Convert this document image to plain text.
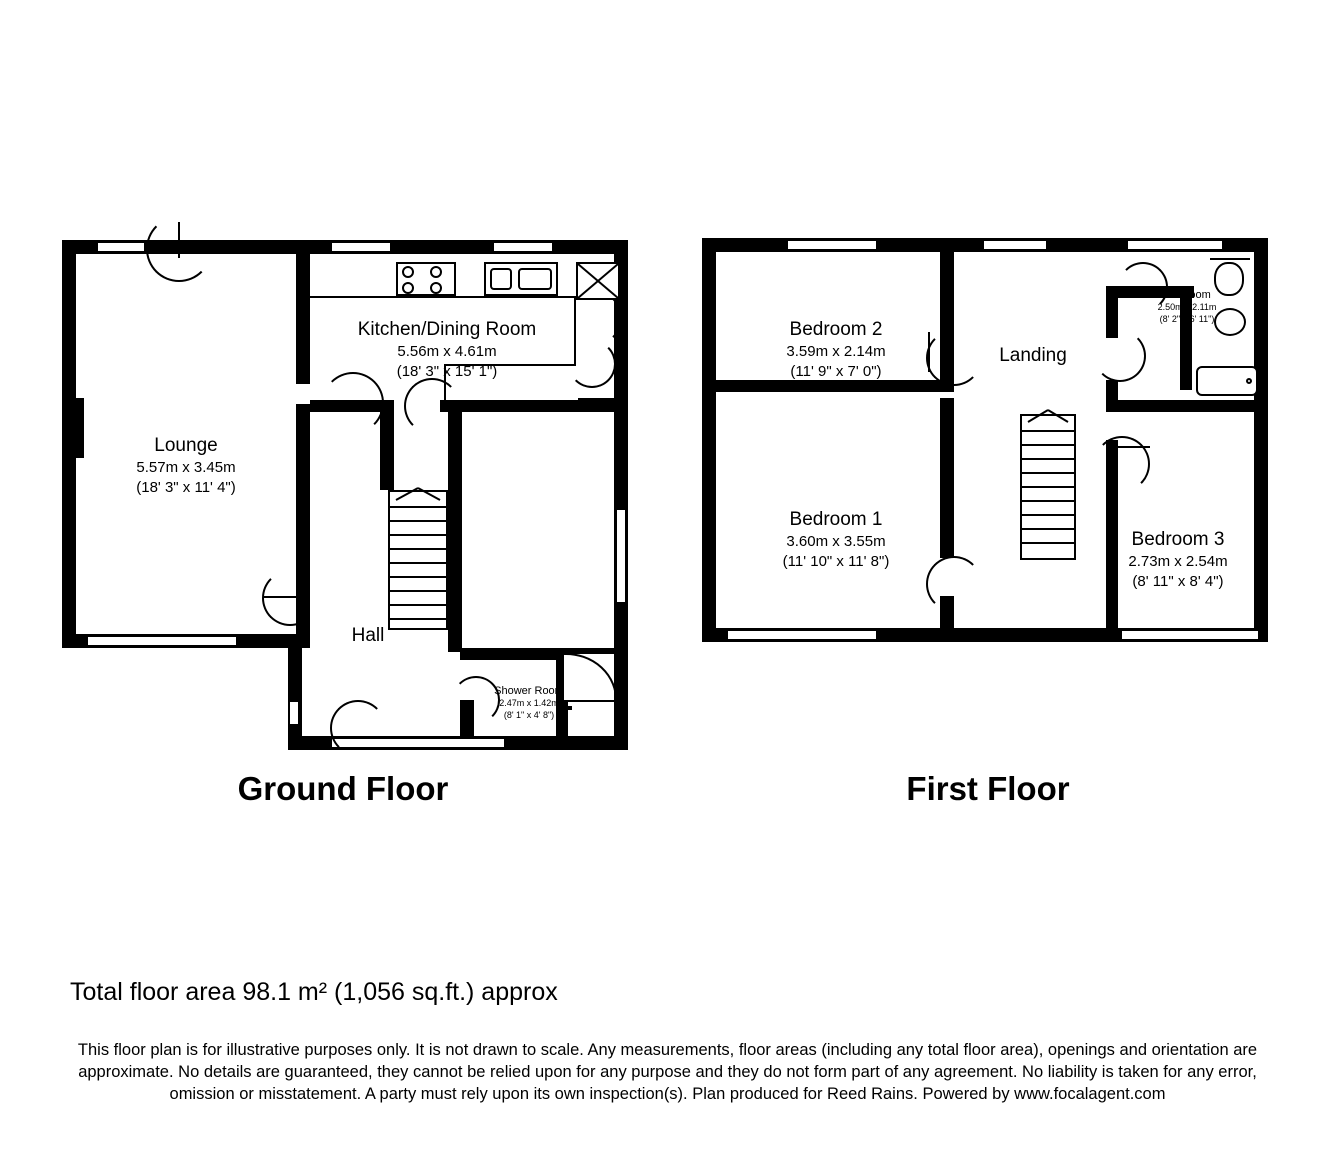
Kitchen/Dining Room
5.56m x 4.61m
(18' 3" x 15' 1")
Lounge
5.57m x 3.45m
(18' 3" x 11' 4")
Hall
Shower Room
2.47m x 1.42m
(8' 1" x 4' 8")
Ground Floor
Bedroom 2
3.59m x 2.14m
(11' 9" x 7' 0")
Bedroom 1
3.60m x 3.55m
(11' 10" x 11' 8")
Bedroom 3
2.73m x 2.54m
(8' 11" x 8' 4")
Landing
Bathroom
2.50m x 2.11m
(8' 2" x 6' 11")
First Floor
Total floor area 98.1 m² (1,056 sq.ft.) approx
This floor plan is for illustrative purposes only. It is not drawn to scale. Any measurements, floor areas (including any total floor area), openings and orientation are approximate. No details are guaranteed, they cannot be relied upon for any purpose and they do not form part of any agreement. No liability is taken for any error, omission or misstatement. A party must rely upon its own inspection(s). Plan produced for Reed Rains. Powered by www.focalagent.com
